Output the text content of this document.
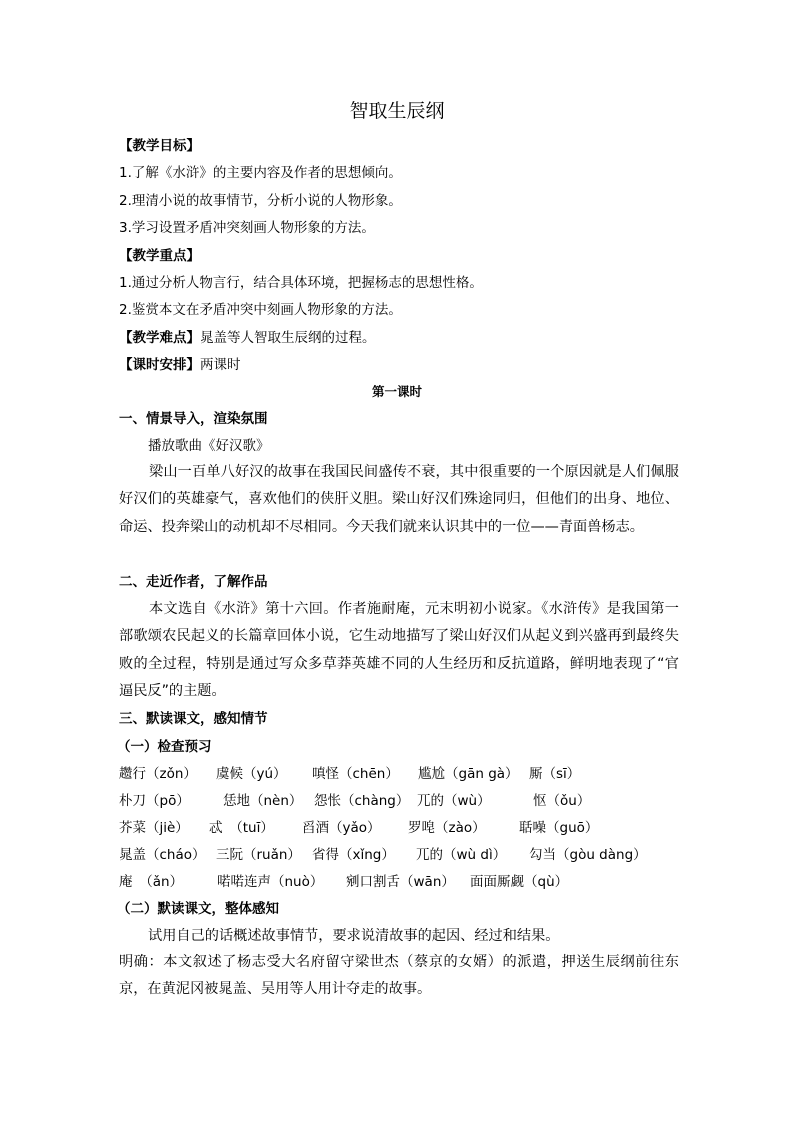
智取生辰纲
【教学目标】
1.了解《水浒》的主要内容及作者的思想倾向。
2.理清小说的故事情节，分析小说的人物形象。
3.学习设置矛盾冲突刻画人物形象的方法。
【教学重点】
1.通过分析人物言行，结合具体环境，把握杨志的思想性格。
2.鉴赏本文在矛盾冲突中刻画人物形象的方法。
【教学难点】晁盖等人智取生辰纲的过程。
【课时安排】两课时
第一课时
一、情景导入，渲染氛围
播放歌曲《好汉歌》
梁山一百单八好汉的故事在我国民间盛传不衰，其中很重要的一个原因就是人们佩服好汉们的英雄豪气，喜欢他们的侠肝义胆。梁山好汉们殊途同归，但他们的出身、地位、命运、投奔梁山的动机却不尽相同。今天我们就来认识其中的一位——青面兽杨志。
二、走近作者，了解作品
本文选自《水浒》第十六回。作者施耐庵，元末明初小说家。《水浒传》是我国第一部歌颂农民起义的长篇章回体小说，它生动地描写了梁山好汉们从起义到兴盛再到最终失败的全过程，特别是通过写众多草莽英雄不同的人生经历和反抗道路，鲜明地表现了“官逼民反”的主题。
三、默读课文，感知情节
（一）检查预习
趱行（zǒn） 虞候（yú） 嗔怪（chēn） 尴尬（gān gà） 厮（sī）
朴刀（pō） 恁地（nèn） 怨怅（chàng） 兀的（wù）	怄（ǒu）
芥菜（jiè） 忒　（tuī） 舀酒（yǎo） 罗唣（zào） 聒噪（guō）
晁盖（cháo） 三阮（ruǎn） 省得（xǐng） 兀的（wù dì） 勾当（gòu dàng）
庵　（ǎn）	喏喏连声（nuò） 剜口割舌（wān） 面面厮觑（qù）
（二）默读课文，整体感知
试用自己的话概述故事情节，要求说清故事的起因、经过和结果。
明确：本文叙述了杨志受大名府留守梁世杰（蔡京的女婿）的派遣，押送生辰纲前往东京，在黄泥冈被晁盖、吴用等人用计夺走的故事。
